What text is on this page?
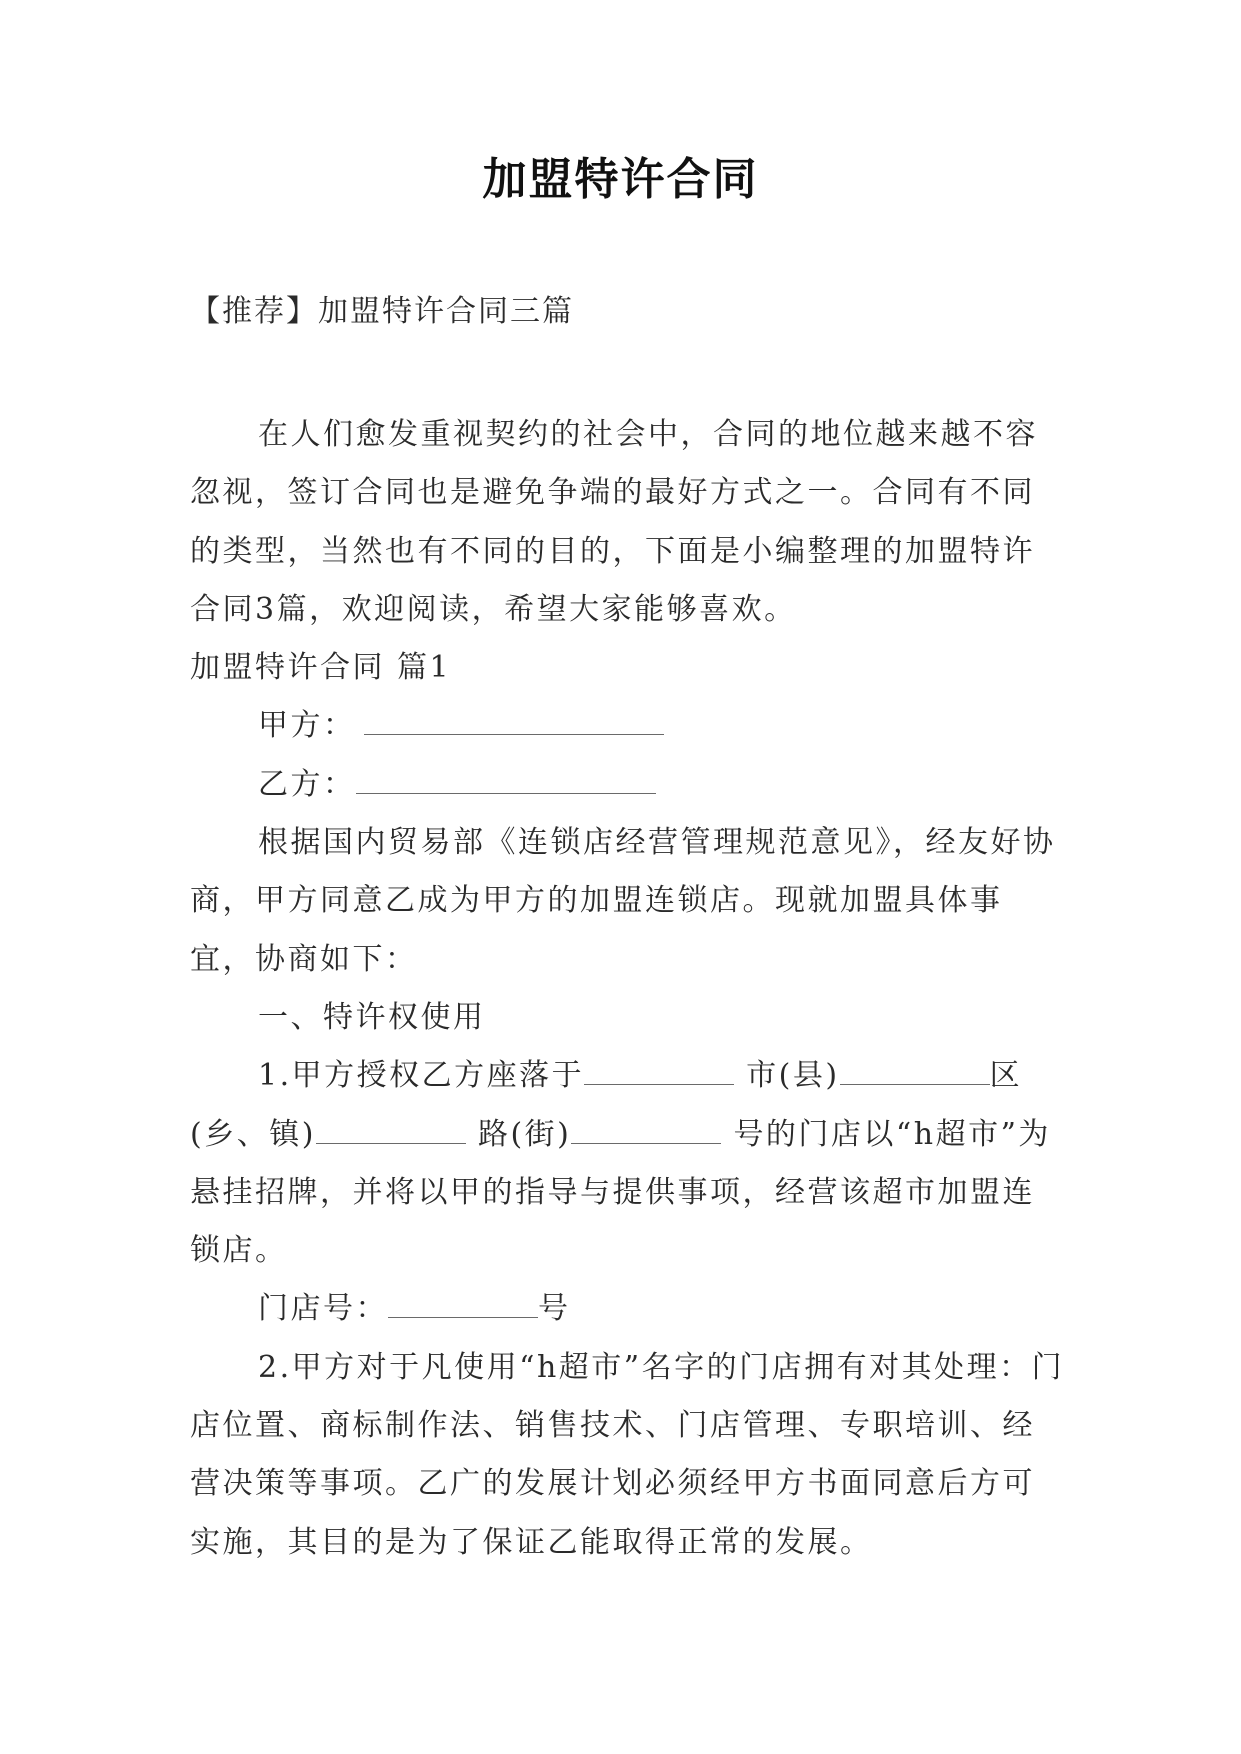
加盟特许合同
【推荐】加盟特许合同三篇

在人们愈发重视契约的社会中，合同的地位越来越不容忽视，签订合同也是避免争端的最好方式之一。合同有不同的类型，当然也有不同的目的，下面是小编整理的加盟特许合同3篇，欢迎阅读，希望大家能够喜欢。

加盟特许合同 篇1

甲方：

乙方：

根据国内贸易部《连锁店经营管理规范意见》，经友好协商，甲方同意乙成为甲方的加盟连锁店。现就加盟具体事宜，协商如下：

一、特许权使用

1.甲方授权乙方座落于	市(县)	区(乡、镇)	路(街)	号的门店以“h超市”为悬挂招牌，并将以甲的指导与提供事项，经营该超市加盟连锁店。

门店号：	号

2.甲方对于凡使用“h超市”名字的门店拥有对其处理：门店位置、商标制作法、销售技术、门店管理、专职培训、经营决策等事项。乙广的发展计划必须经甲方书面同意后方可实施，其目的是为了保证乙能取得正常的发展。
